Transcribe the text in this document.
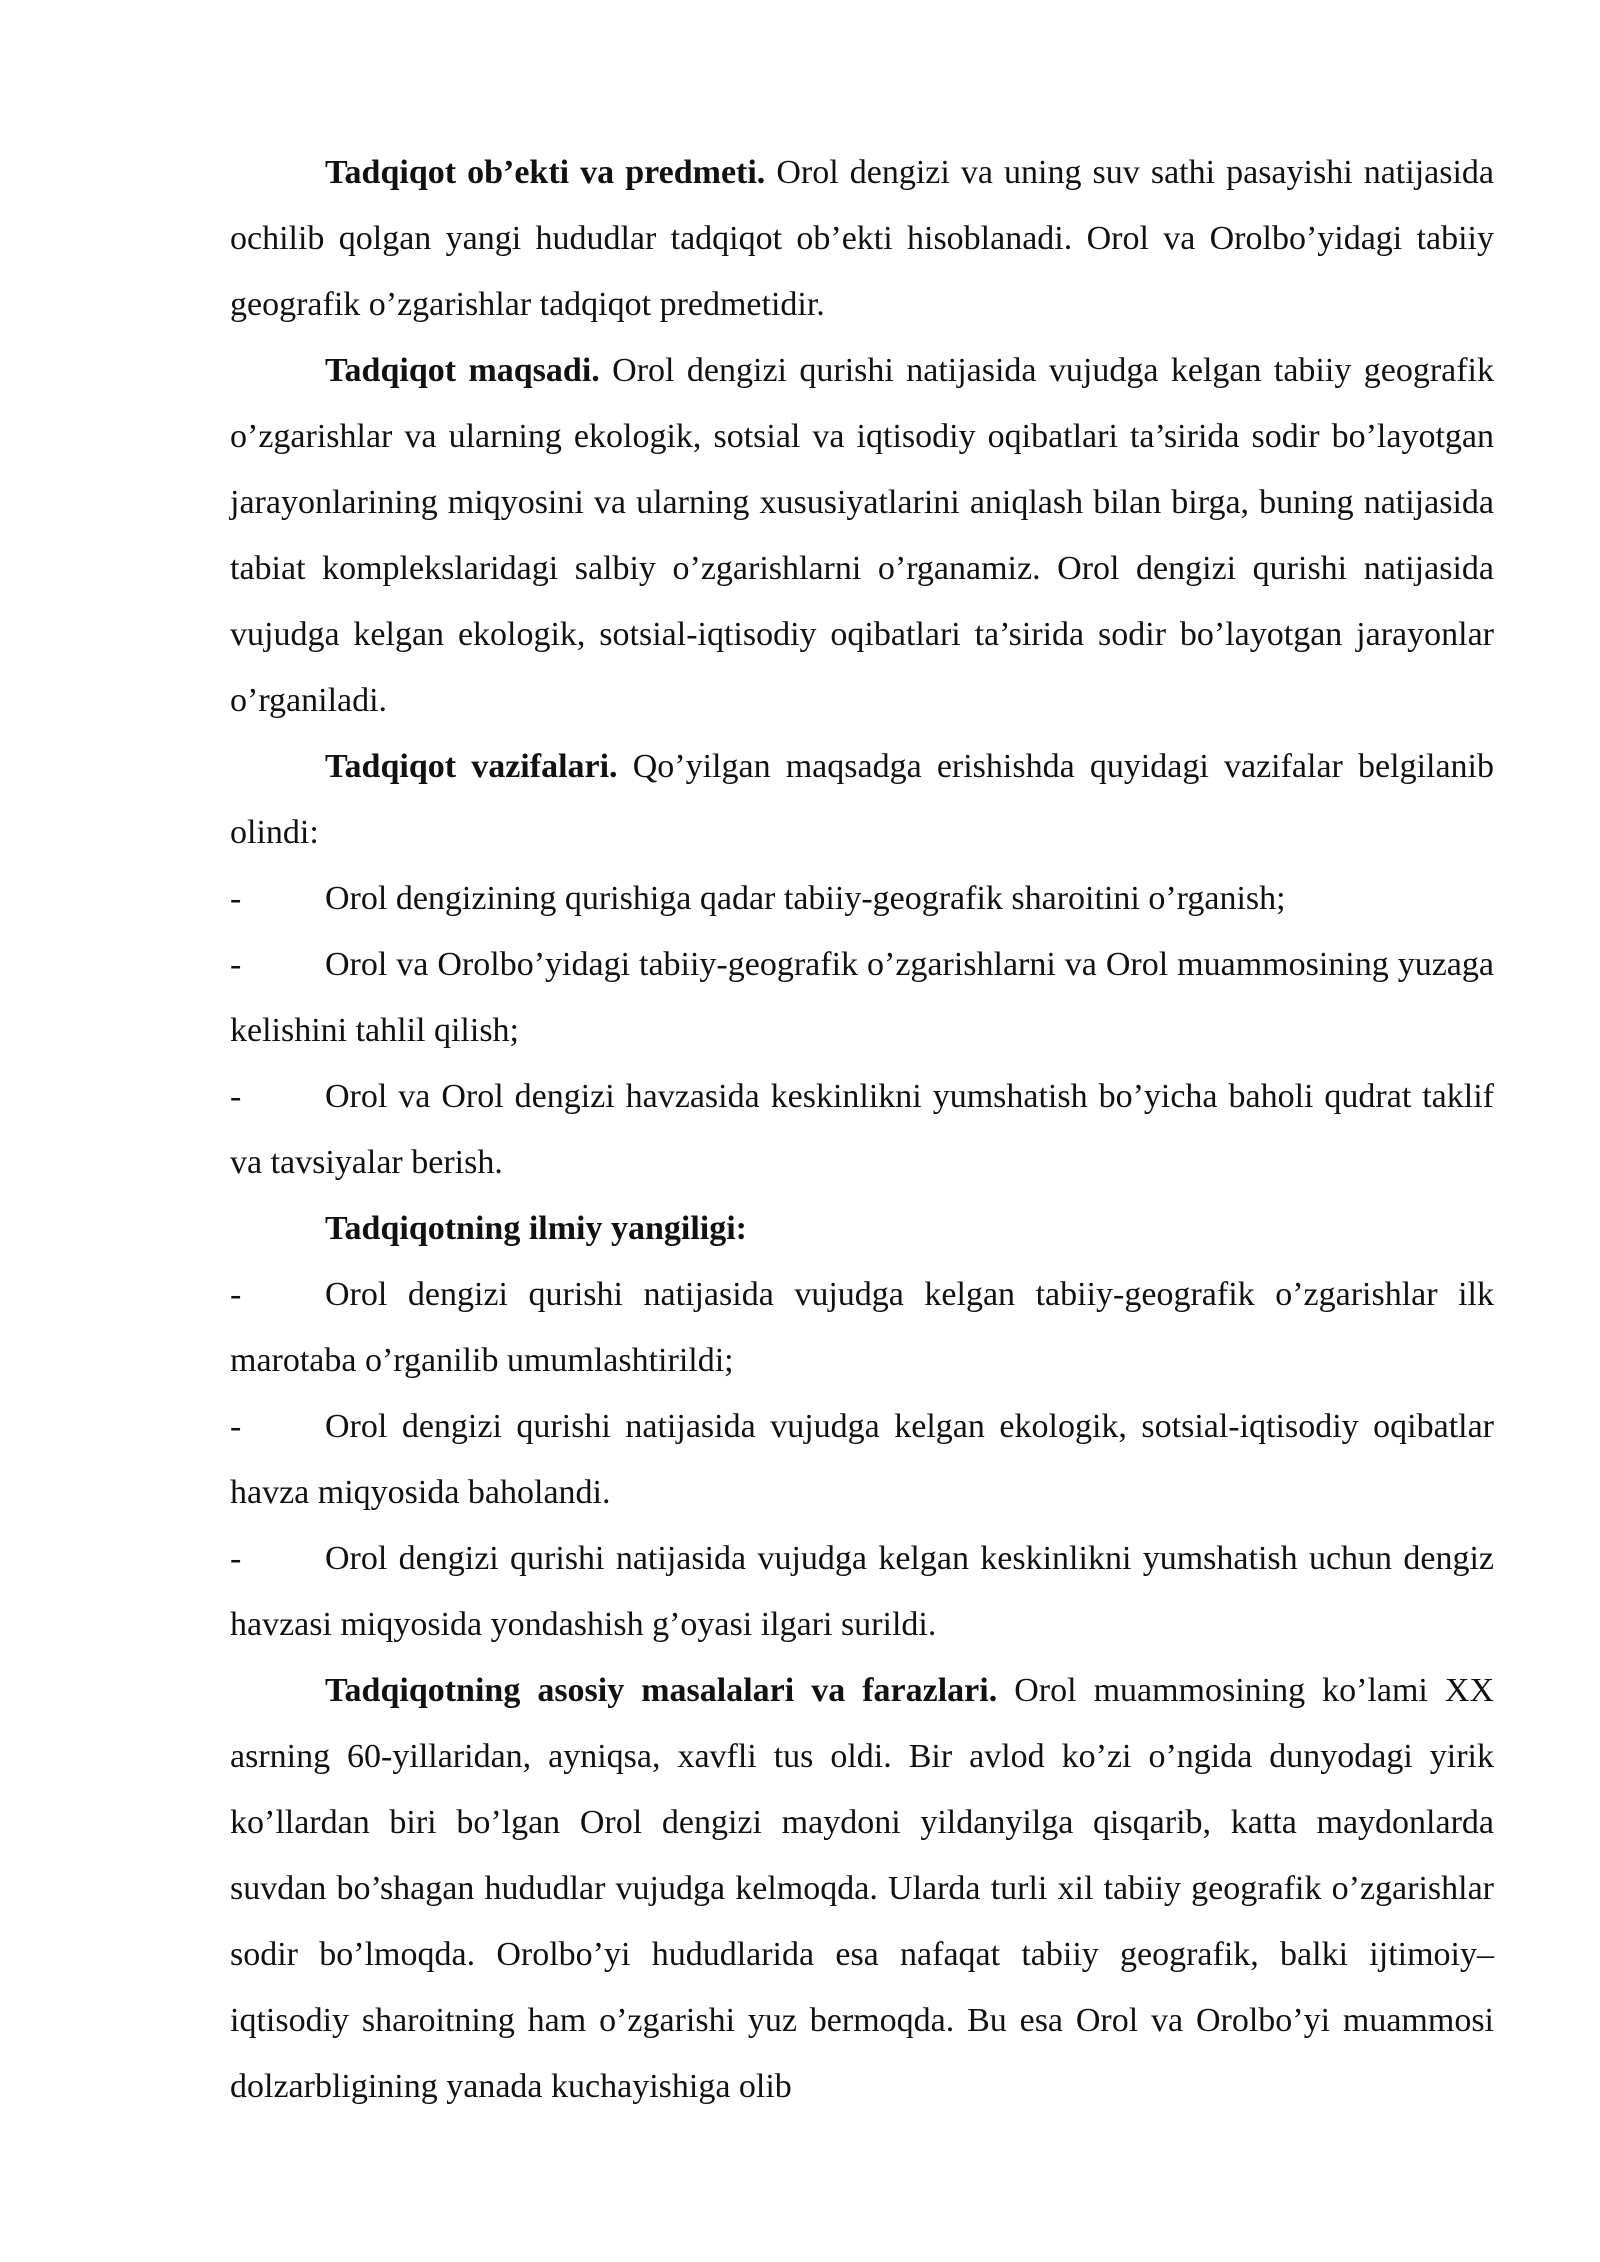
Tadqiqot ob’ekti va predmeti. Orol dengizi va uning suv sathi pasayishi natijasida ochilib qolgan yangi hududlar tadqiqot ob’ekti hisoblanadi. Orol va Orolbo’yidagi tabiiy geografik o’zgarishlar tadqiqot predmetidir.

Tadqiqot maqsadi. Orol dengizi qurishi natijasida vujudga kelgan tabiiy geografik o’zgarishlar va ularning ekologik, sotsial va iqtisodiy oqibatlari ta’sirida sodir bo’layotgan jarayonlarining miqyosini va ularning xususiyatlarini aniqlash bilan birga, buning natijasida tabiat komplekslaridagi salbiy o’zgarishlarni o’rganamiz. Orol dengizi qurishi natijasida vujudga kelgan ekologik, sotsial-iqtisodiy oqibatlari ta’sirida sodir bo’layotgan jarayonlar o’rganiladi.

Tadqiqot vazifalari. Qo’yilgan maqsadga erishishda quyidagi vazifalar belgilanib olindi:

- Orol dengizining qurishiga qadar tabiiy-geografik sharoitini o’rganish;

- Orol va Orolbo’yidagi tabiiy-geografik o’zgarishlarni va Orol muammosining yuzaga kelishini tahlil qilish;

- Orol va Orol dengizi havzasida keskinlikni yumshatish bo’yicha baholi qudrat taklif va tavsiyalar berish.

Tadqiqotning ilmiy yangiligi:

- Orol dengizi qurishi natijasida vujudga kelgan tabiiy-geografik o’zgarishlar ilk marotaba o’rganilib umumlashtirildi;

- Orol dengizi qurishi natijasida vujudga kelgan ekologik, sotsial-iqtisodiy oqibatlar havza miqyosida baholandi.

- Orol dengizi qurishi natijasida vujudga kelgan keskinlikni yumshatish uchun dengiz havzasi miqyosida yondashish g’oyasi ilgari surildi.

Tadqiqotning asosiy masalalari va farazlari. Orol muammosining ko’lami XX asrning 60-yillaridan, ayniqsa, xavfli tus oldi. Bir avlod ko’zi o’ngida dunyodagi yirik ko’llardan biri bo’lgan Orol dengizi maydoni yildanyilga qisqarib, katta maydonlarda suvdan bo’shagan hududlar vujudga kelmoqda. Ularda turli xil tabiiy geografik o’zgarishlar sodir bo’lmoqda. Orolbo’yi hududlarida esa nafaqat tabiiy geografik, balki ijtimoiy–iqtisodiy sharoitning ham o’zgarishi yuz bermoqda. Bu esa Orol va Orolbo’yi muammosi dolzarbligining yanada kuchayishiga olib
